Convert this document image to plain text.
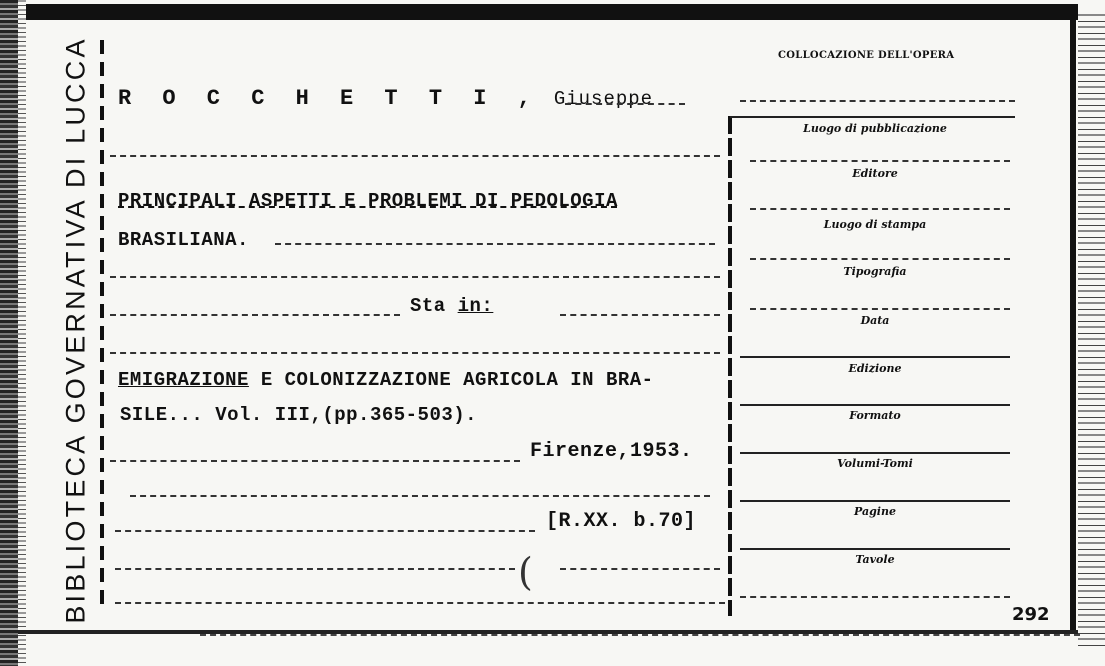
BIBLIOTECA GOVERNATIVA DI LUCCA R O C C H E T T I , Giuseppe
PRINCIPALI ASPETTI E PROBLEMI DI PEDOLOGIA
BRASILIANA.
Sta in:
EMIGRAZIONE E COLONIZZAZIONE AGRICOLA IN BRA-
SILE... Vol. III,(pp.365-503).
Firenze,1953.
[R.XX. b.70]
(
COLLOCAZIONE DELL'OPERA
Luogo di pubblicazione
Editore
Luogo di stampa
Tipografia
Data
Edizione
Formato
Volumi-Tomi
Pagine
Tavole
292
